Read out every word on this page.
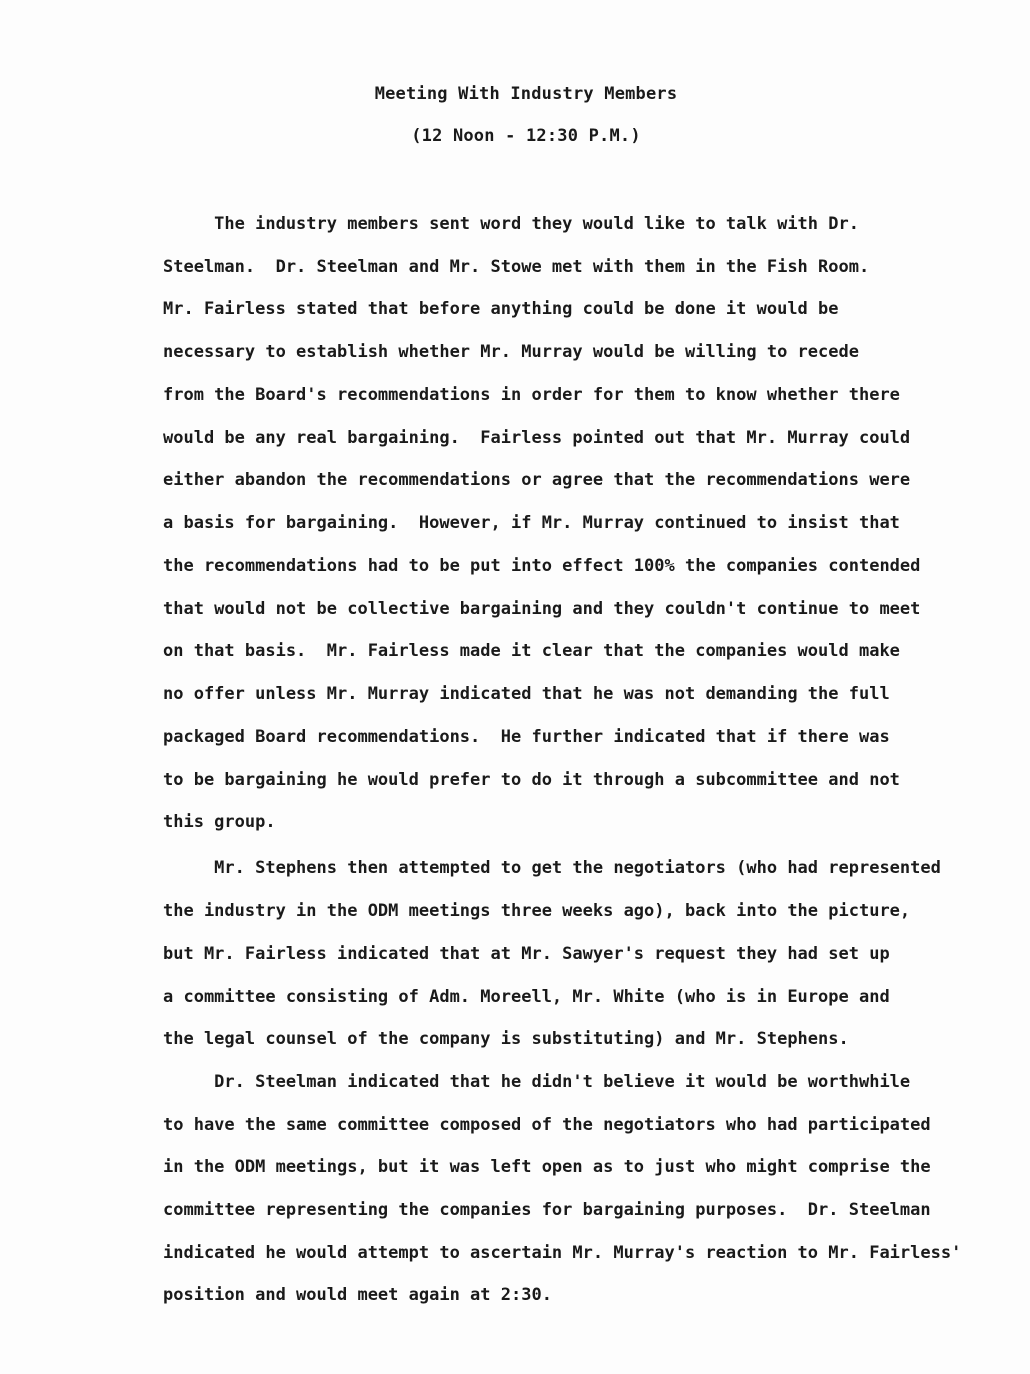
Meeting With Industry Members
(12 Noon - 12:30 P.M.)
The industry members sent word they would like to talk with Dr.
Steelman.  Dr. Steelman and Mr. Stowe met with them in the Fish Room.
Mr. Fairless stated that before anything could be done it would be
necessary to establish whether Mr. Murray would be willing to recede
from the Board's recommendations in order for them to know whether there
would be any real bargaining.  Fairless pointed out that Mr. Murray could
either abandon the recommendations or agree that the recommendations were
a basis for bargaining.  However, if Mr. Murray continued to insist that
the recommendations had to be put into effect 100% the companies contended
that would not be collective bargaining and they couldn't continue to meet
on that basis.  Mr. Fairless made it clear that the companies would make
no offer unless Mr. Murray indicated that he was not demanding the full
packaged Board recommendations.  He further indicated that if there was
to be bargaining he would prefer to do it through a subcommittee and not
this group.
Mr. Stephens then attempted to get the negotiators (who had represented
the industry in the ODM meetings three weeks ago), back into the picture,
but Mr. Fairless indicated that at Mr. Sawyer's request they had set up
a committee consisting of Adm. Moreell, Mr. White (who is in Europe and
the legal counsel of the company is substituting) and Mr. Stephens.
Dr. Steelman indicated that he didn't believe it would be worthwhile
to have the same committee composed of the negotiators who had participated
in the ODM meetings, but it was left open as to just who might comprise the
committee representing the companies for bargaining purposes.  Dr. Steelman
indicated he would attempt to ascertain Mr. Murray's reaction to Mr. Fairless'
position and would meet again at 2:30.
